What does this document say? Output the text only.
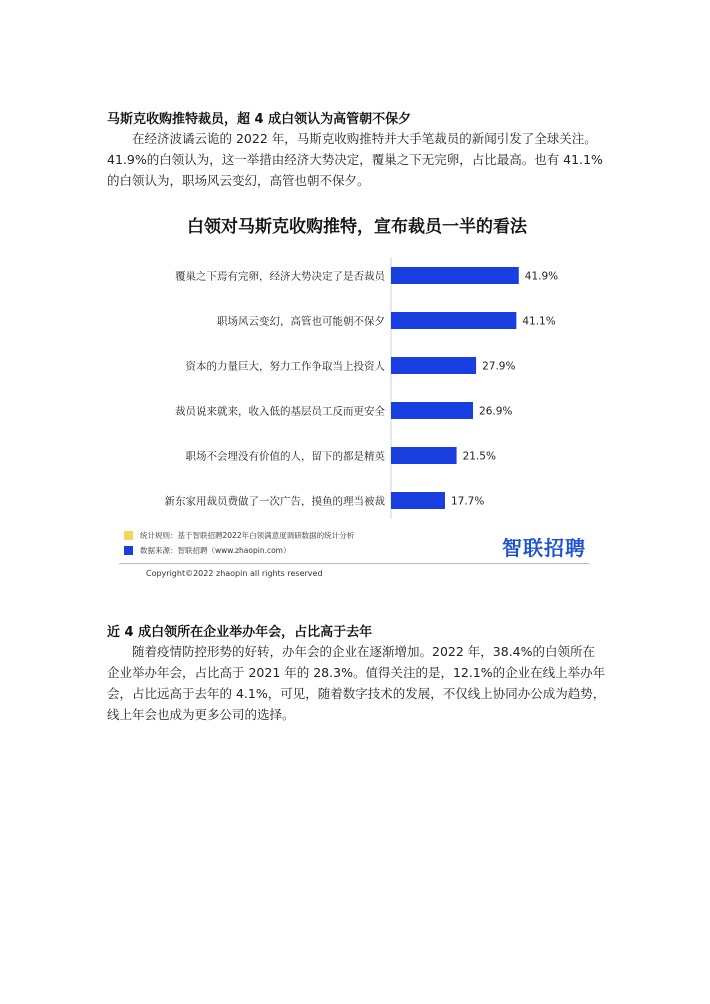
马斯克收购推特裁员，超 4 成白领认为高管朝不保夕

在经济波谲云诡的 2022 年，马斯克收购推特并大手笔裁员的新闻引发了全球关注。41.9%的白领认为，这一举措由经济大势决定，覆巢之下无完卵，占比最高。也有 41.1%的白领认为，职场风云变幻，高管也朝不保夕。

白领对马斯克收购推特，宣布裁员一半的看法
覆巢之下焉有完卵，经济大势决定了是否裁员	41.9%
职场风云变幻，高管也可能朝不保夕	41.1%
资本的力量巨大，努力工作争取当上投资人	27.9%
裁员说来就来，收入低的基层员工反而更安全	26.9%
职场不会埋没有价值的人，留下的都是精英	21.5%
新东家用裁员费做了一次广告，摸鱼的理当被裁	17.7%
统计规则：基于智联招聘2022年白领满意度调研数据的统计分析
数据来源：智联招聘（www.zhaopin.com）	智联招聘
Copyright©2022 zhaopin all rights reserved
近 4 成白领所在企业举办年会，占比高于去年

随着疫情防控形势的好转，办年会的企业在逐渐增加。2022 年，38.4%的白领所在企业举办年会，占比高于 2021 年的 28.3%。值得关注的是，12.1%的企业在线上举办年会，占比远高于去年的 4.1%，可见，随着数字技术的发展，不仅线上协同办公成为趋势，线上年会也成为更多公司的选择。
